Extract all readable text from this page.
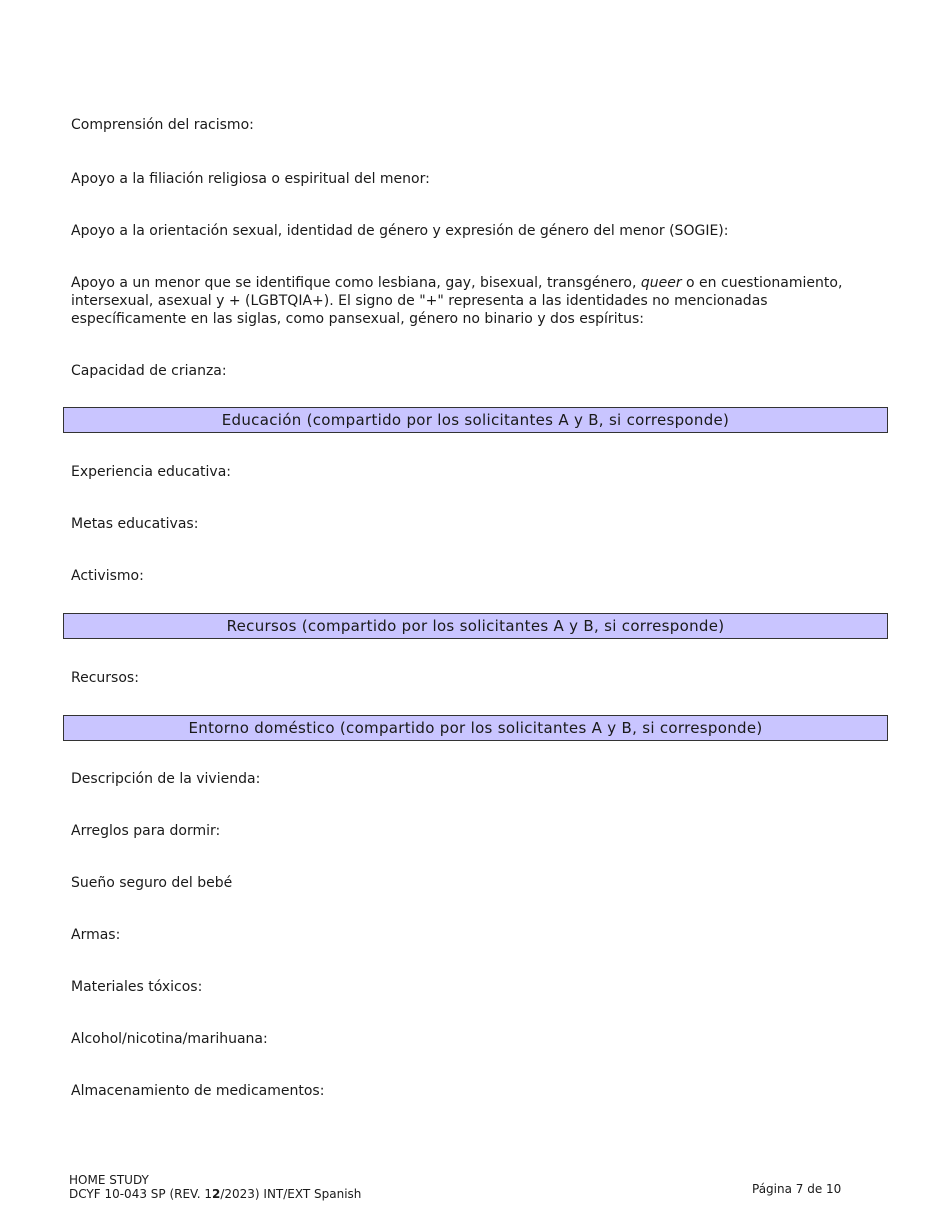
Comprensión del racismo:

Apoyo a la filiación religiosa o espiritual del menor:

Apoyo a la orientación sexual, identidad de género y expresión de género del menor (SOGIE):

Apoyo a un menor que se identifique como lesbiana, gay, bisexual, transgénero, queer o en cuestionamiento, intersexual, asexual y + (LGBTQIA+). El signo de "+" representa a las identidades no mencionadas específicamente en las siglas, como pansexual, género no binario y dos espíritus:

Capacidad de crianza:

Educación (compartido por los solicitantes A y B, si corresponde)

Experiencia educativa:

Metas educativas:

Activismo:

Recursos (compartido por los solicitantes A y B, si corresponde)

Recursos:

Entorno doméstico (compartido por los solicitantes A y B, si corresponde)

Descripción de la vivienda:

Arreglos para dormir:

Sueño seguro del bebé

Armas:

Materiales tóxicos:

Alcohol/nicotina/marihuana:

Almacenamiento de medicamentos:

HOME STUDY
DCYF 10-043 SP (REV. 12/2023) INT/EXT Spanish	Página 7 de 10
